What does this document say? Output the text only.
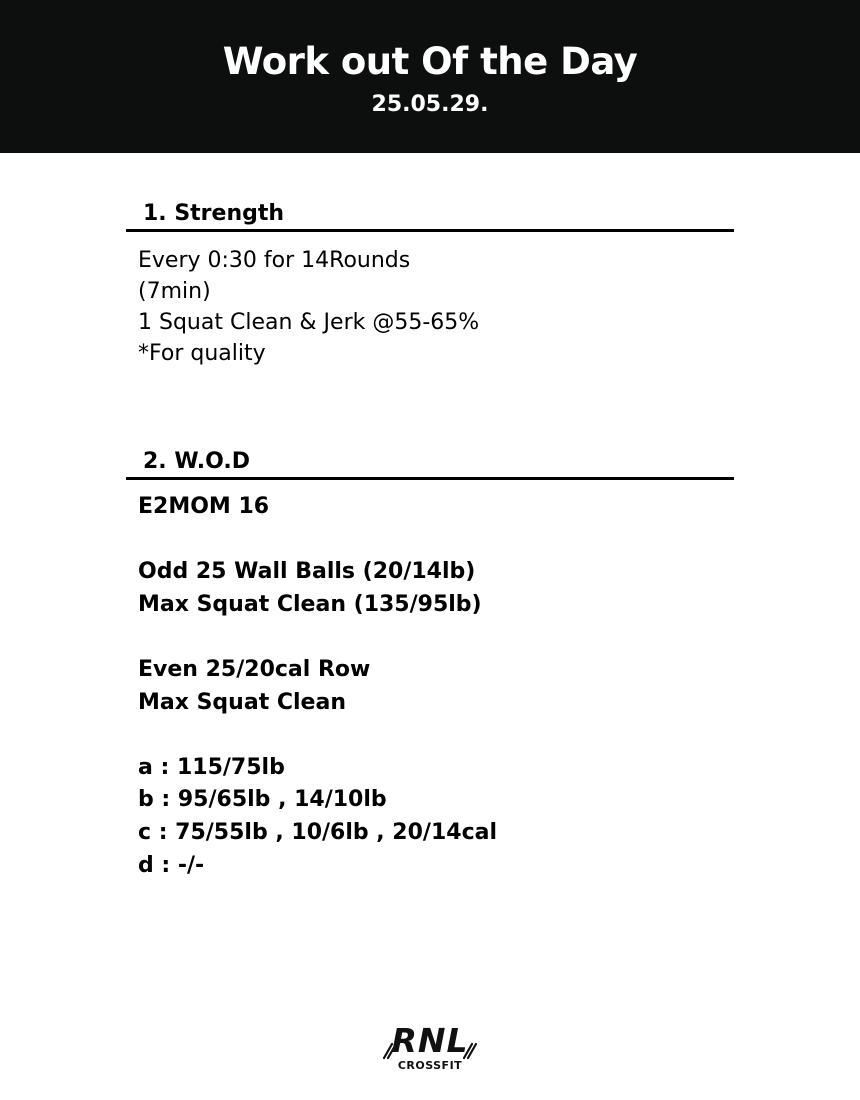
Work out Of the Day
25.05.29.
1. Strength
Every 0:30 for 14Rounds
(7min)
1 Squat Clean & Jerk @55-65%
*For quality
2. W.O.D
E2MOM 16
Odd 25 Wall Balls (20/14lb)
Max Squat Clean (135/95lb)
Even 25/20cal Row
Max Squat Clean
a : 115/75lb
b : 95/65lb , 14/10lb
c : 75/55lb , 10/6lb , 20/14cal
d : -/-
RNL
CROSSFIT
